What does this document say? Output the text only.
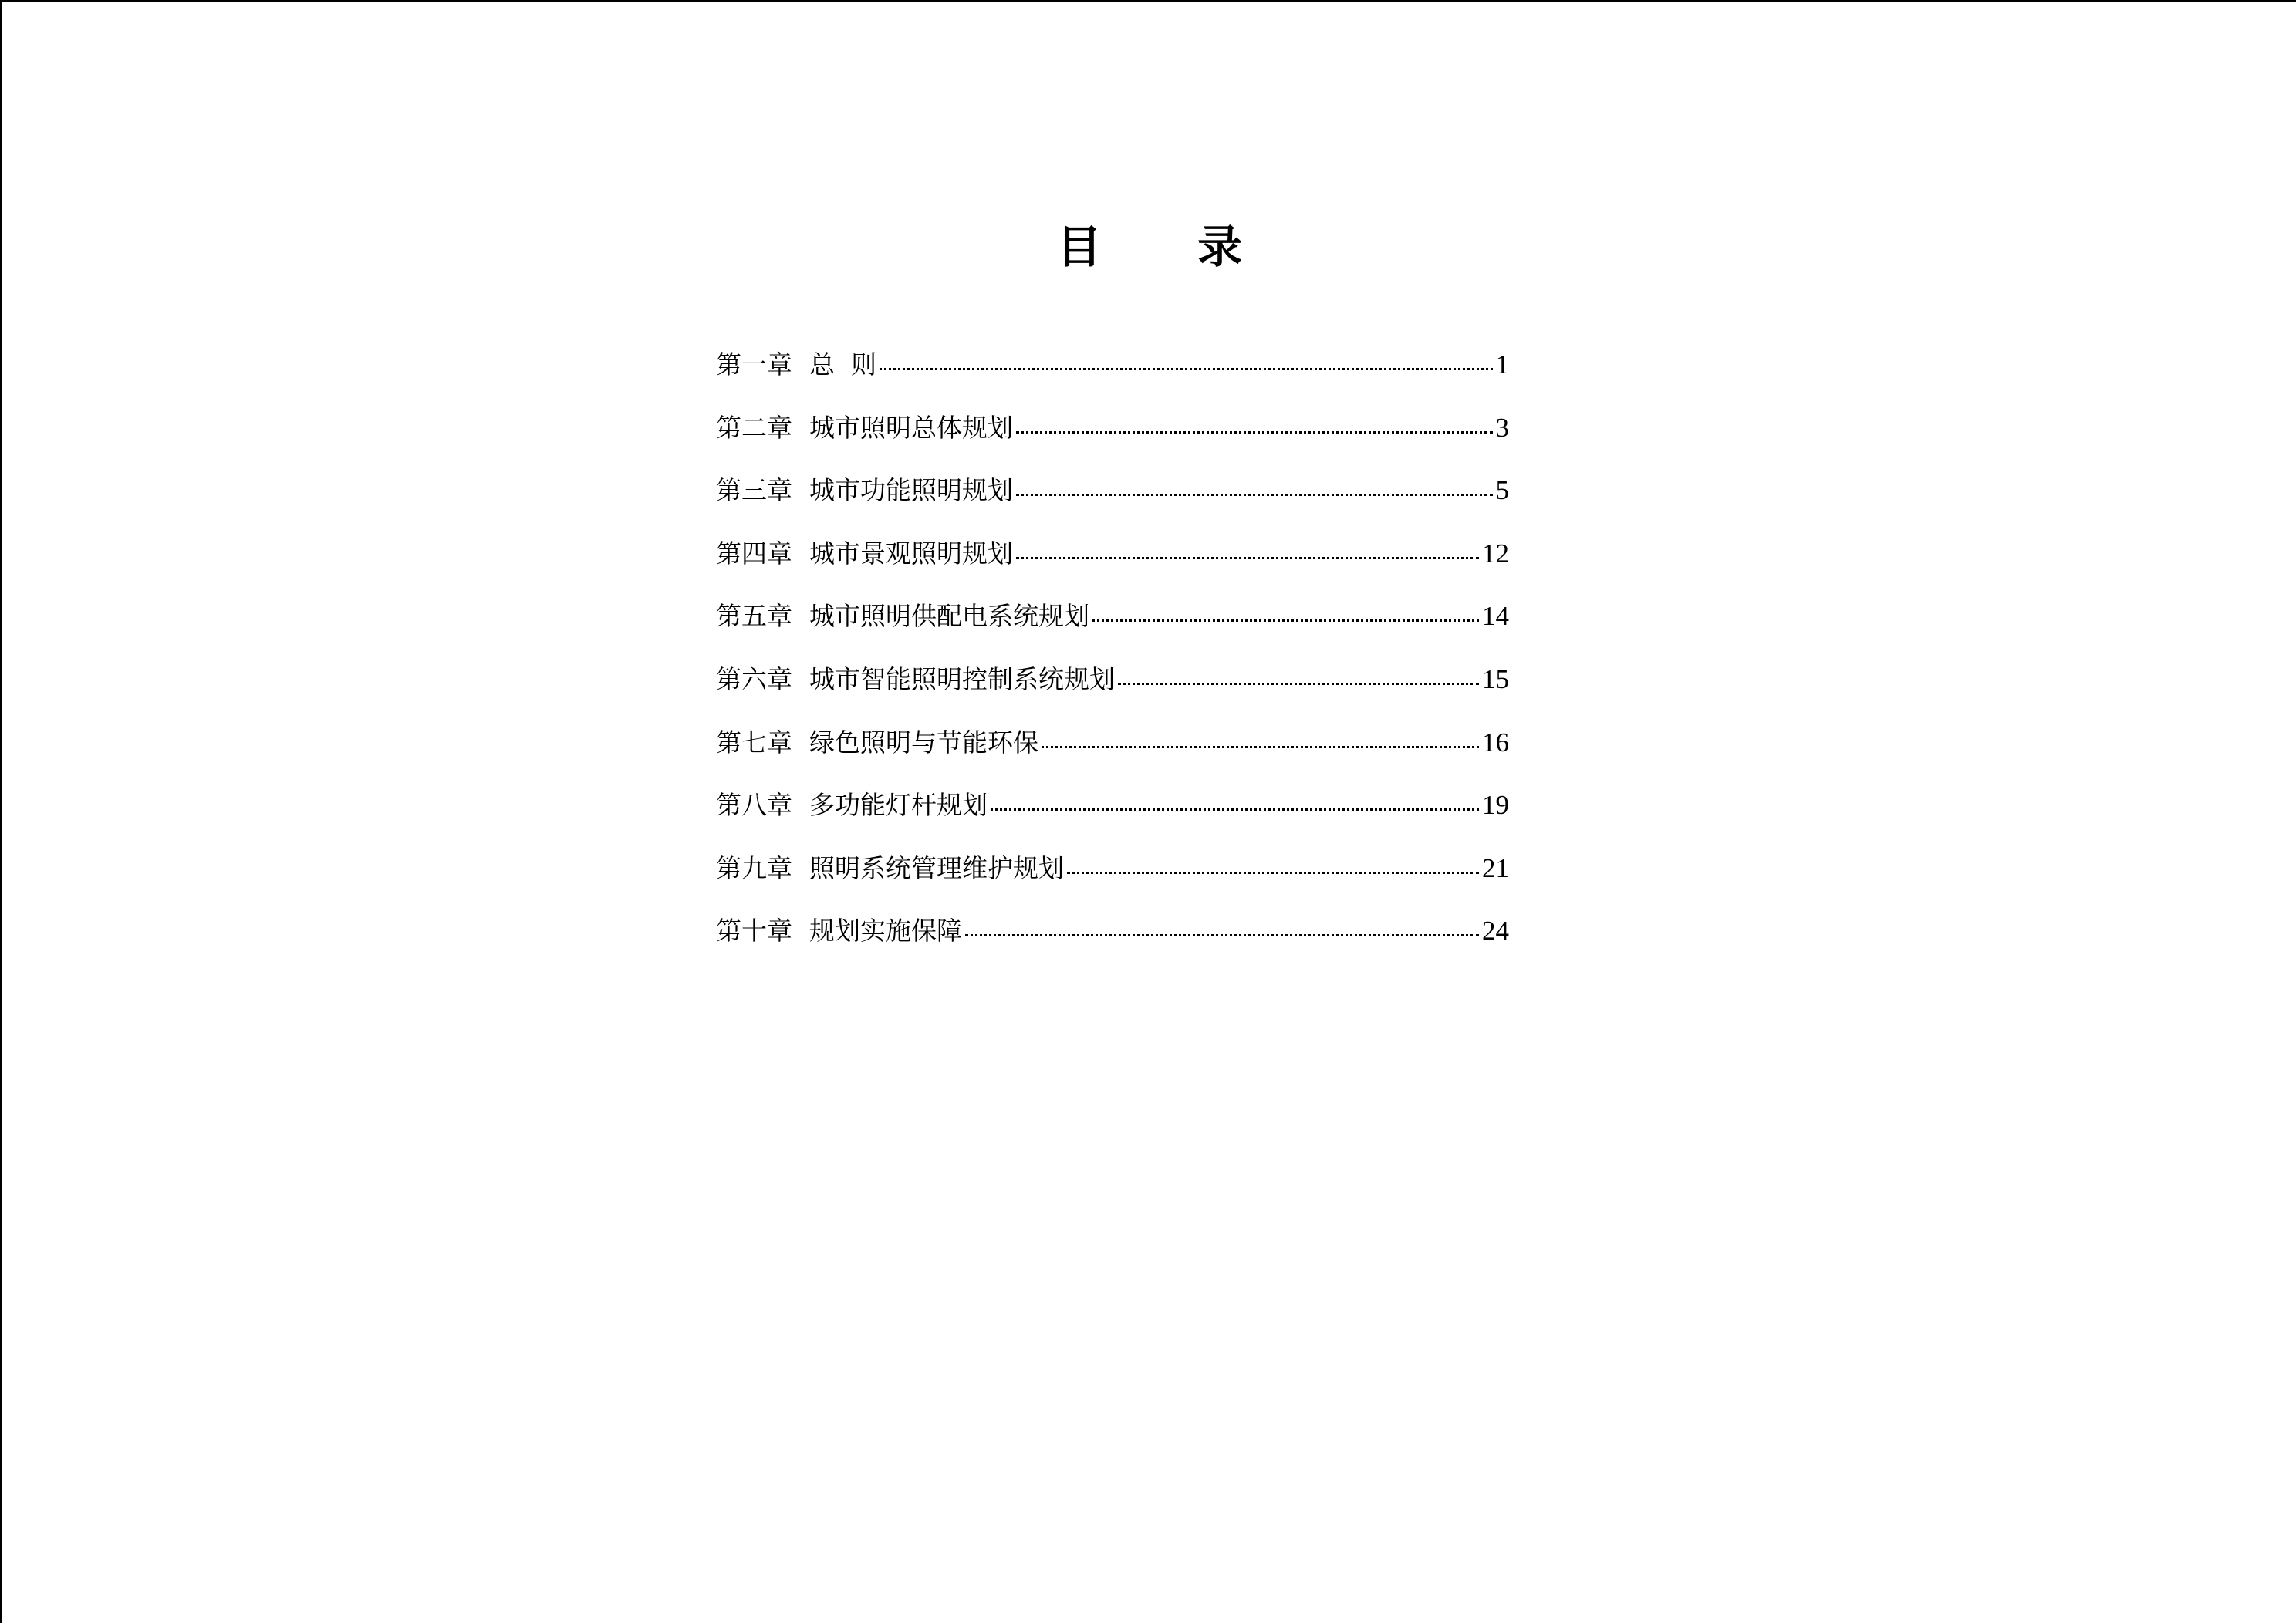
目 录
第一章 总  则	1
第二章 城市照明总体规划	3
第三章 城市功能照明规划	5
第四章 城市景观照明规划	12
第五章 城市照明供配电系统规划	14
第六章 城市智能照明控制系统规划	15
第七章 绿色照明与节能环保	16
第八章 多功能灯杆规划	19
第九章 照明系统管理维护规划	21
第十章 规划实施保障	24
